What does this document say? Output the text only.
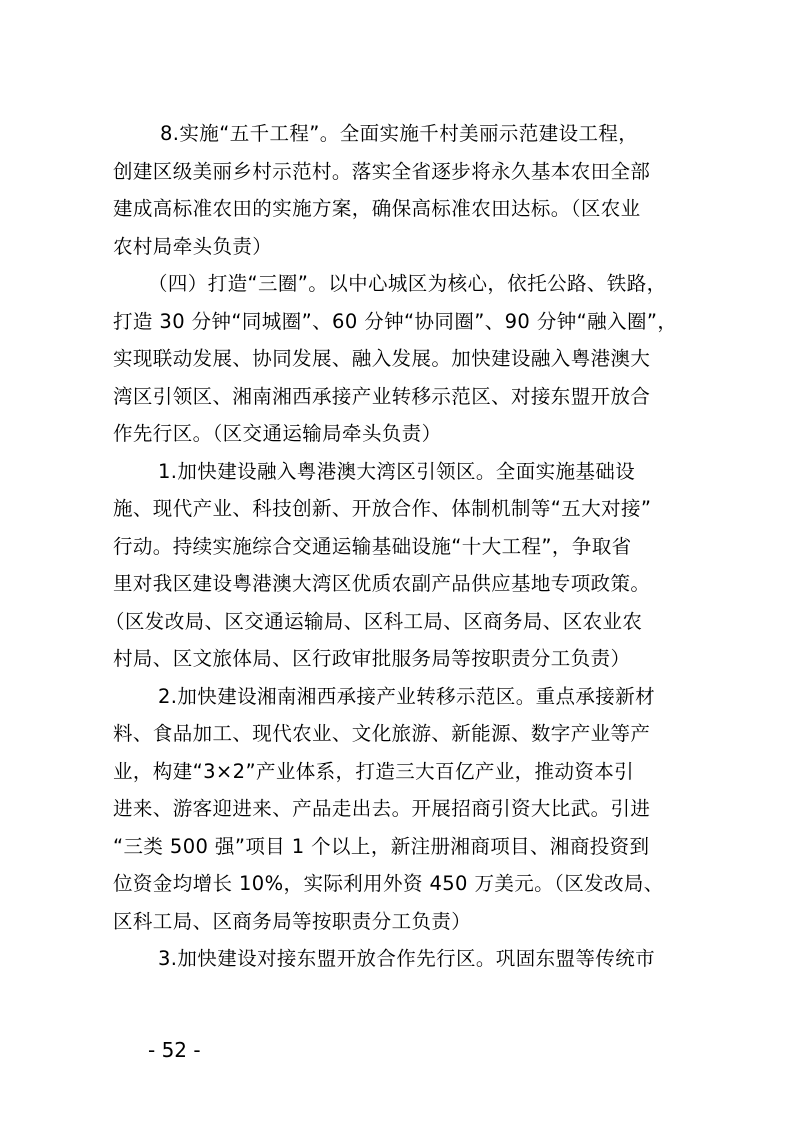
8.实施“五千工程”。全面实施千村美丽示范建设工程，
创建区级美丽乡村示范村。落实全省逐步将永久基本农田全部
建成高标准农田的实施方案，确保高标准农田达标。（区农业
农村局牵头负责）
（四）打造“三圈”。以中心城区为核心，依托公路、铁路，
打造 30 分钟“同城圈”、60 分钟“协同圈”、90 分钟“融入圈”，
实现联动发展、协同发展、融入发展。加快建设融入粤港澳大
湾区引领区、湘南湘西承接产业转移示范区、对接东盟开放合
作先行区。（区交通运输局牵头负责）
1.加快建设融入粤港澳大湾区引领区。全面实施基础设
施、现代产业、科技创新、开放合作、体制机制等“五大对接”
行动。持续实施综合交通运输基础设施“十大工程”，争取省
里对我区建设粤港澳大湾区优质农副产品供应基地专项政策。
（区发改局、区交通运输局、区科工局、区商务局、区农业农
村局、区文旅体局、区行政审批服务局等按职责分工负责）
2.加快建设湘南湘西承接产业转移示范区。重点承接新材
料、食品加工、现代农业、文化旅游、新能源、数字产业等产
业，构建“3×2”产业体系，打造三大百亿产业，推动资本引
进来、游客迎进来、产品走出去。开展招商引资大比武。引进
“三类 500 强”项目 1 个以上，新注册湘商项目、湘商投资到
位资金均增长 10%，实际利用外资 450 万美元。（区发改局、
区科工局、区商务局等按职责分工负责）
3.加快建设对接东盟开放合作先行区。巩固东盟等传统市
- 52 -
